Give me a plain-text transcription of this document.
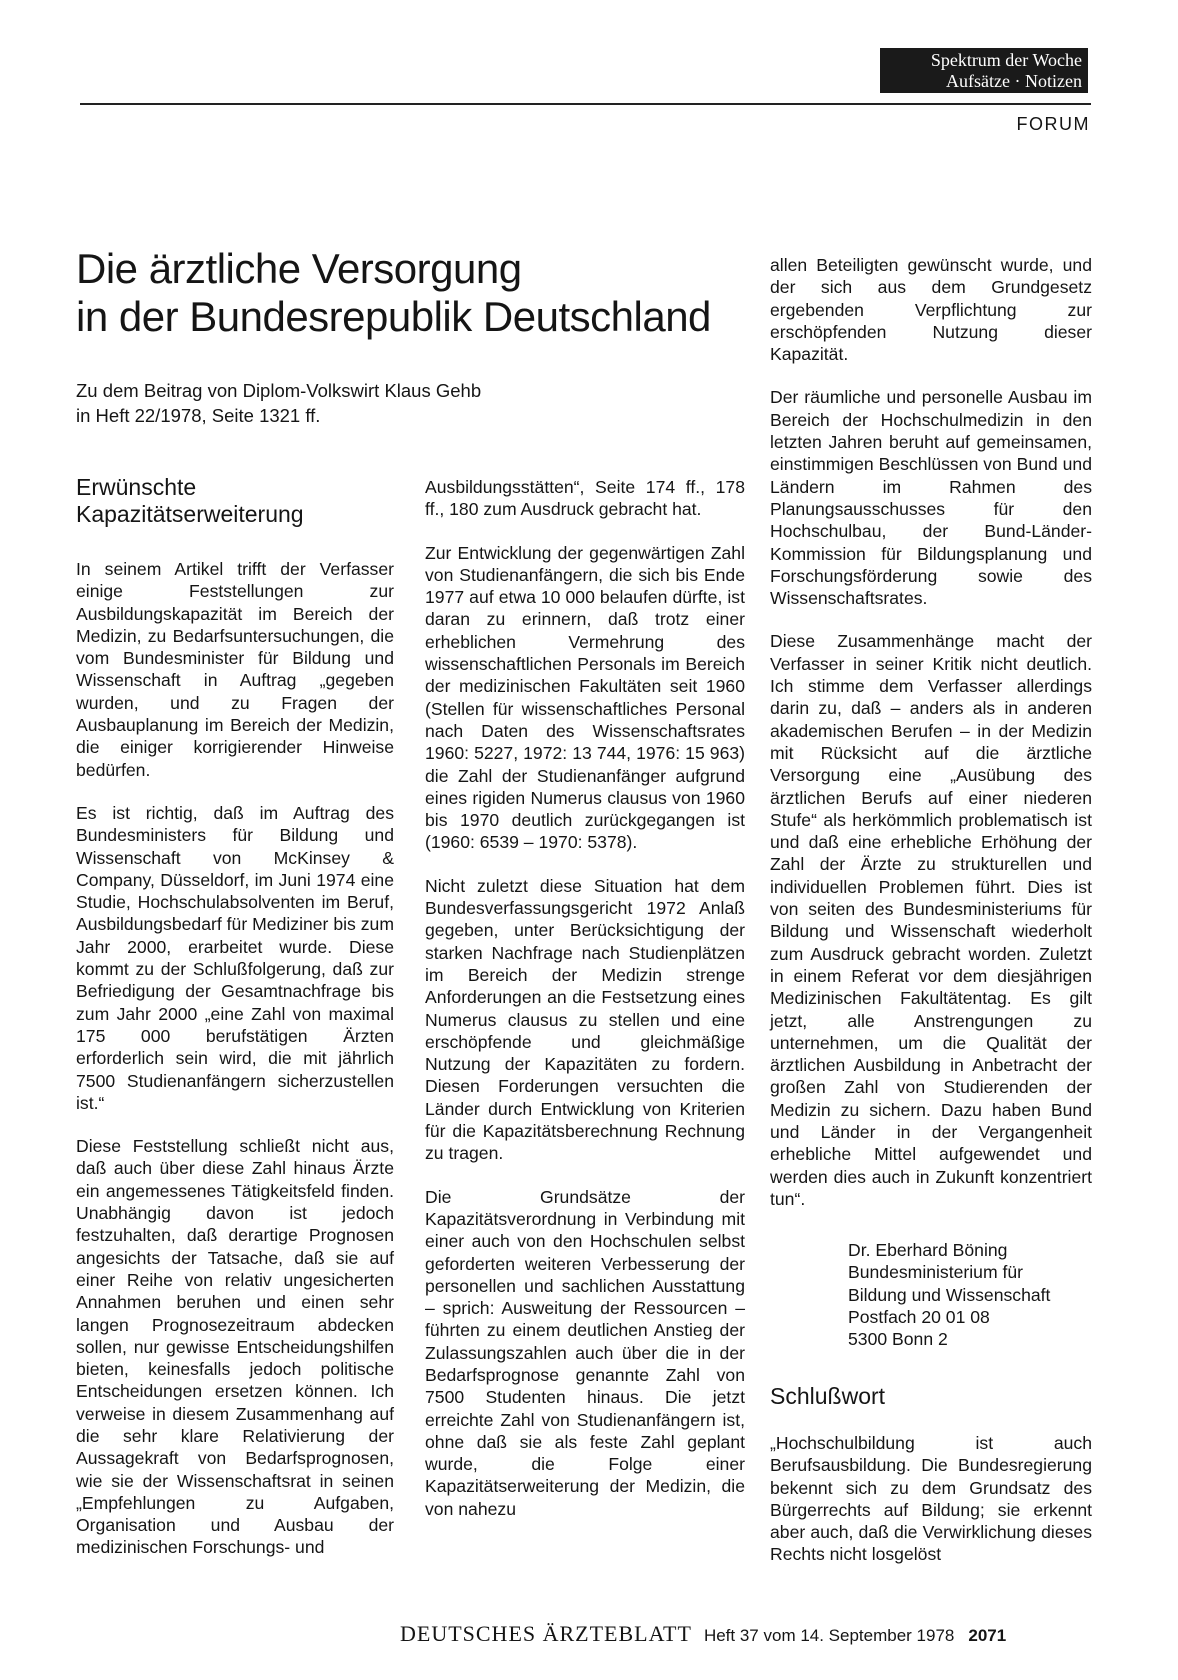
Spektrum der Woche
Aufsätze · Notizen
FORUM
Die ärztliche Versorgung
in der Bundesrepublik Deutschland
Zu dem Beitrag von Diplom-Volkswirt Klaus Gehb
in Heft 22/1978, Seite 1321 ff.
Erwünschte
Kapazitätserweiterung

In seinem Artikel trifft der Verfasser einige Feststellungen zur Ausbildungskapazität im Bereich der Medizin, zu Bedarfsuntersuchungen, die vom Bundesminister für Bildung und Wissenschaft in Auftrag „gegeben wurden, und zu Fragen der Ausbauplanung im Bereich der Medizin, die einiger korrigierender Hinweise bedürfen.

Es ist richtig, daß im Auftrag des Bundesministers für Bildung und Wissenschaft von McKinsey & Company, Düsseldorf, im Juni 1974 eine Studie, Hochschulabsolventen im Beruf, Ausbildungsbedarf für Mediziner bis zum Jahr 2000, erarbeitet wurde. Diese kommt zu der Schlußfolgerung, daß zur Befriedigung der Gesamtnachfrage bis zum Jahr 2000 „eine Zahl von maximal 175 000 berufstätigen Ärzten erforderlich sein wird, die mit jährlich 7500 Studienanfängern sicherzustellen ist.“

Diese Feststellung schließt nicht aus, daß auch über diese Zahl hinaus Ärzte ein angemessenes Tätigkeitsfeld finden. Unabhängig davon ist jedoch festzuhalten, daß derartige Prognosen angesichts der Tatsache, daß sie auf einer Reihe von relativ ungesicherten Annahmen beruhen und einen sehr langen Prognosezeitraum abdecken sollen, nur gewisse Entscheidungshilfen bieten, keinesfalls jedoch politische Entscheidungen ersetzen können. Ich verweise in diesem Zusammenhang auf die sehr klare Relativierung der Aussagekraft von Bedarfsprognosen, wie sie der Wissenschaftsrat in seinen „Empfehlungen zu Aufgaben, Organisation und Ausbau der medizinischen Forschungs- und

Ausbildungsstätten“, Seite 174 ff., 178 ff., 180 zum Ausdruck gebracht hat.

Zur Entwicklung der gegenwärtigen Zahl von Studienanfängern, die sich bis Ende 1977 auf etwa 10 000 belaufen dürfte, ist daran zu erinnern, daß trotz einer erheblichen Vermehrung des wissenschaftlichen Personals im Bereich der medizinischen Fakultäten seit 1960 (Stellen für wissenschaftliches Personal nach Daten des Wissenschaftsrates 1960: 5227, 1972: 13 744, 1976: 15 963) die Zahl der Studienanfänger aufgrund eines rigiden Numerus clausus von 1960 bis 1970 deutlich zurückgegangen ist (1960: 6539 – 1970: 5378).

Nicht zuletzt diese Situation hat dem Bundesverfassungsgericht 1972 Anlaß gegeben, unter Berücksichtigung der starken Nachfrage nach Studienplätzen im Bereich der Medizin strenge Anforderungen an die Festsetzung eines Numerus clausus zu stellen und eine erschöpfende und gleichmäßige Nutzung der Kapazitäten zu fordern. Diesen Forderungen versuchten die Länder durch Entwicklung von Kriterien für die Kapazitätsberechnung Rechnung zu tragen.

Die Grundsätze der Kapazitätsverordnung in Verbindung mit einer auch von den Hochschulen selbst geforderten weiteren Verbesserung der personellen und sachlichen Ausstattung – sprich: Ausweitung der Ressourcen – führten zu einem deutlichen Anstieg der Zulassungszahlen auch über die in der Bedarfsprognose genannte Zahl von 7500 Studenten hinaus. Die jetzt erreichte Zahl von Studienanfängern ist, ohne daß sie als feste Zahl geplant wurde, die Folge einer Kapazitätserweiterung der Medizin, die von nahezu

allen Beteiligten gewünscht wurde, und der sich aus dem Grundgesetz ergebenden Verpflichtung zur erschöpfenden Nutzung dieser Kapazität.

Der räumliche und personelle Ausbau im Bereich der Hochschulmedizin in den letzten Jahren beruht auf gemeinsamen, einstimmigen Beschlüssen von Bund und Ländern im Rahmen des Planungsausschusses für den Hochschulbau, der Bund-Länder-Kommission für Bildungsplanung und Forschungsförderung sowie des Wissenschaftsrates.

Diese Zusammenhänge macht der Verfasser in seiner Kritik nicht deutlich. Ich stimme dem Verfasser allerdings darin zu, daß – anders als in anderen akademischen Berufen – in der Medizin mit Rücksicht auf die ärztliche Versorgung eine „Ausübung des ärztlichen Berufs auf einer niederen Stufe“ als herkömmlich problematisch ist und daß eine erhebliche Erhöhung der Zahl der Ärzte zu strukturellen und individuellen Problemen führt. Dies ist von seiten des Bundesministeriums für Bildung und Wissenschaft wiederholt zum Ausdruck gebracht worden. Zuletzt in einem Referat vor dem diesjährigen Medizinischen Fakultätentag. Es gilt jetzt, alle Anstrengungen zu unternehmen, um die Qualität der ärztlichen Ausbildung in Anbetracht der großen Zahl von Studierenden der Medizin zu sichern. Dazu haben Bund und Länder in der Vergangenheit erhebliche Mittel aufgewendet und werden dies auch in Zukunft konzentriert tun“.

Dr. Eberhard Böning
Bundesministerium für
Bildung und Wissenschaft
Postfach 20 01 08
5300 Bonn 2
Schlußwort

„Hochschulbildung ist auch Berufsausbildung. Die Bundesregierung bekennt sich zu dem Grundsatz des Bürgerrechts auf Bildung; sie erkennt aber auch, daß die Verwirklichung dieses Rechts nicht losgelöst

DEUTSCHES ÄRZTEBLATT Heft 37 vom 14. September 1978 2071
